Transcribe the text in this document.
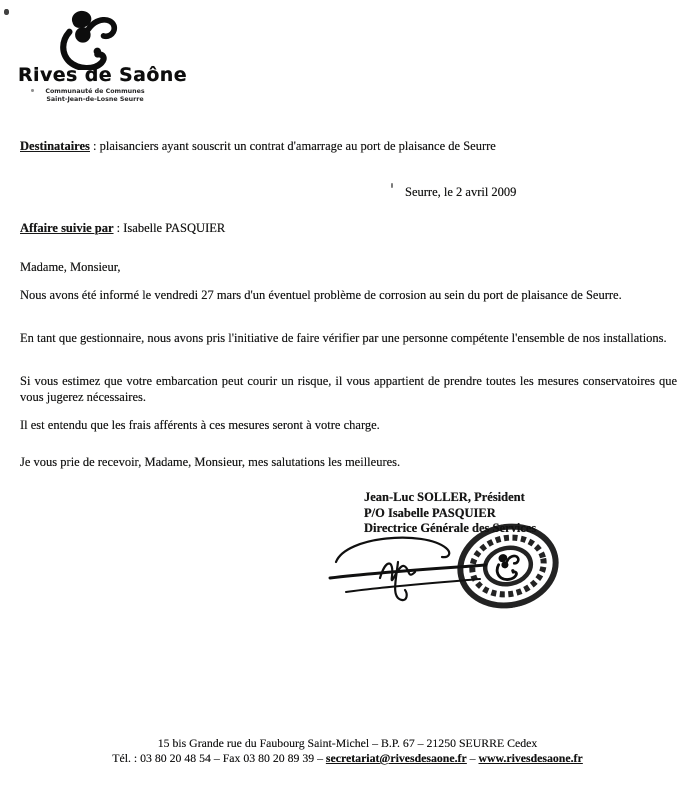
Rives de Saône
Communauté de Communes
Saint-Jean-de-Losne Seurre
Destinataires : plaisanciers ayant souscrit un contrat d'amarrage au port de plaisance de Seurre
Seurre, le 2 avril 2009
Affaire suivie par : Isabelle PASQUIER
Madame, Monsieur,

Nous avons été informé le vendredi 27 mars d'un éventuel problème de corrosion au sein du port de plaisance de Seurre.

En tant que gestionnaire, nous avons pris l'initiative de faire vérifier par une personne compétente l'ensemble de nos installations.

Si vous estimez que votre embarcation peut courir un risque, il vous appartient de prendre toutes les mesures conservatoires que vous jugerez nécessaires.

Il est entendu que les frais afférents à ces mesures seront à votre charge.

Je vous prie de recevoir, Madame, Monsieur, mes salutations les meilleures.
Jean-Luc SOLLER, Président
P/O Isabelle PASQUIER
Directrice Générale des Services
15 bis Grande rue du Faubourg Saint-Michel – B.P. 67 – 21250 SEURRE Cedex
Tél. : 03 80 20 48 54 – Fax 03 80 20 89 39 – secretariat@rivesdesaone.fr – www.rivesdesaone.fr
